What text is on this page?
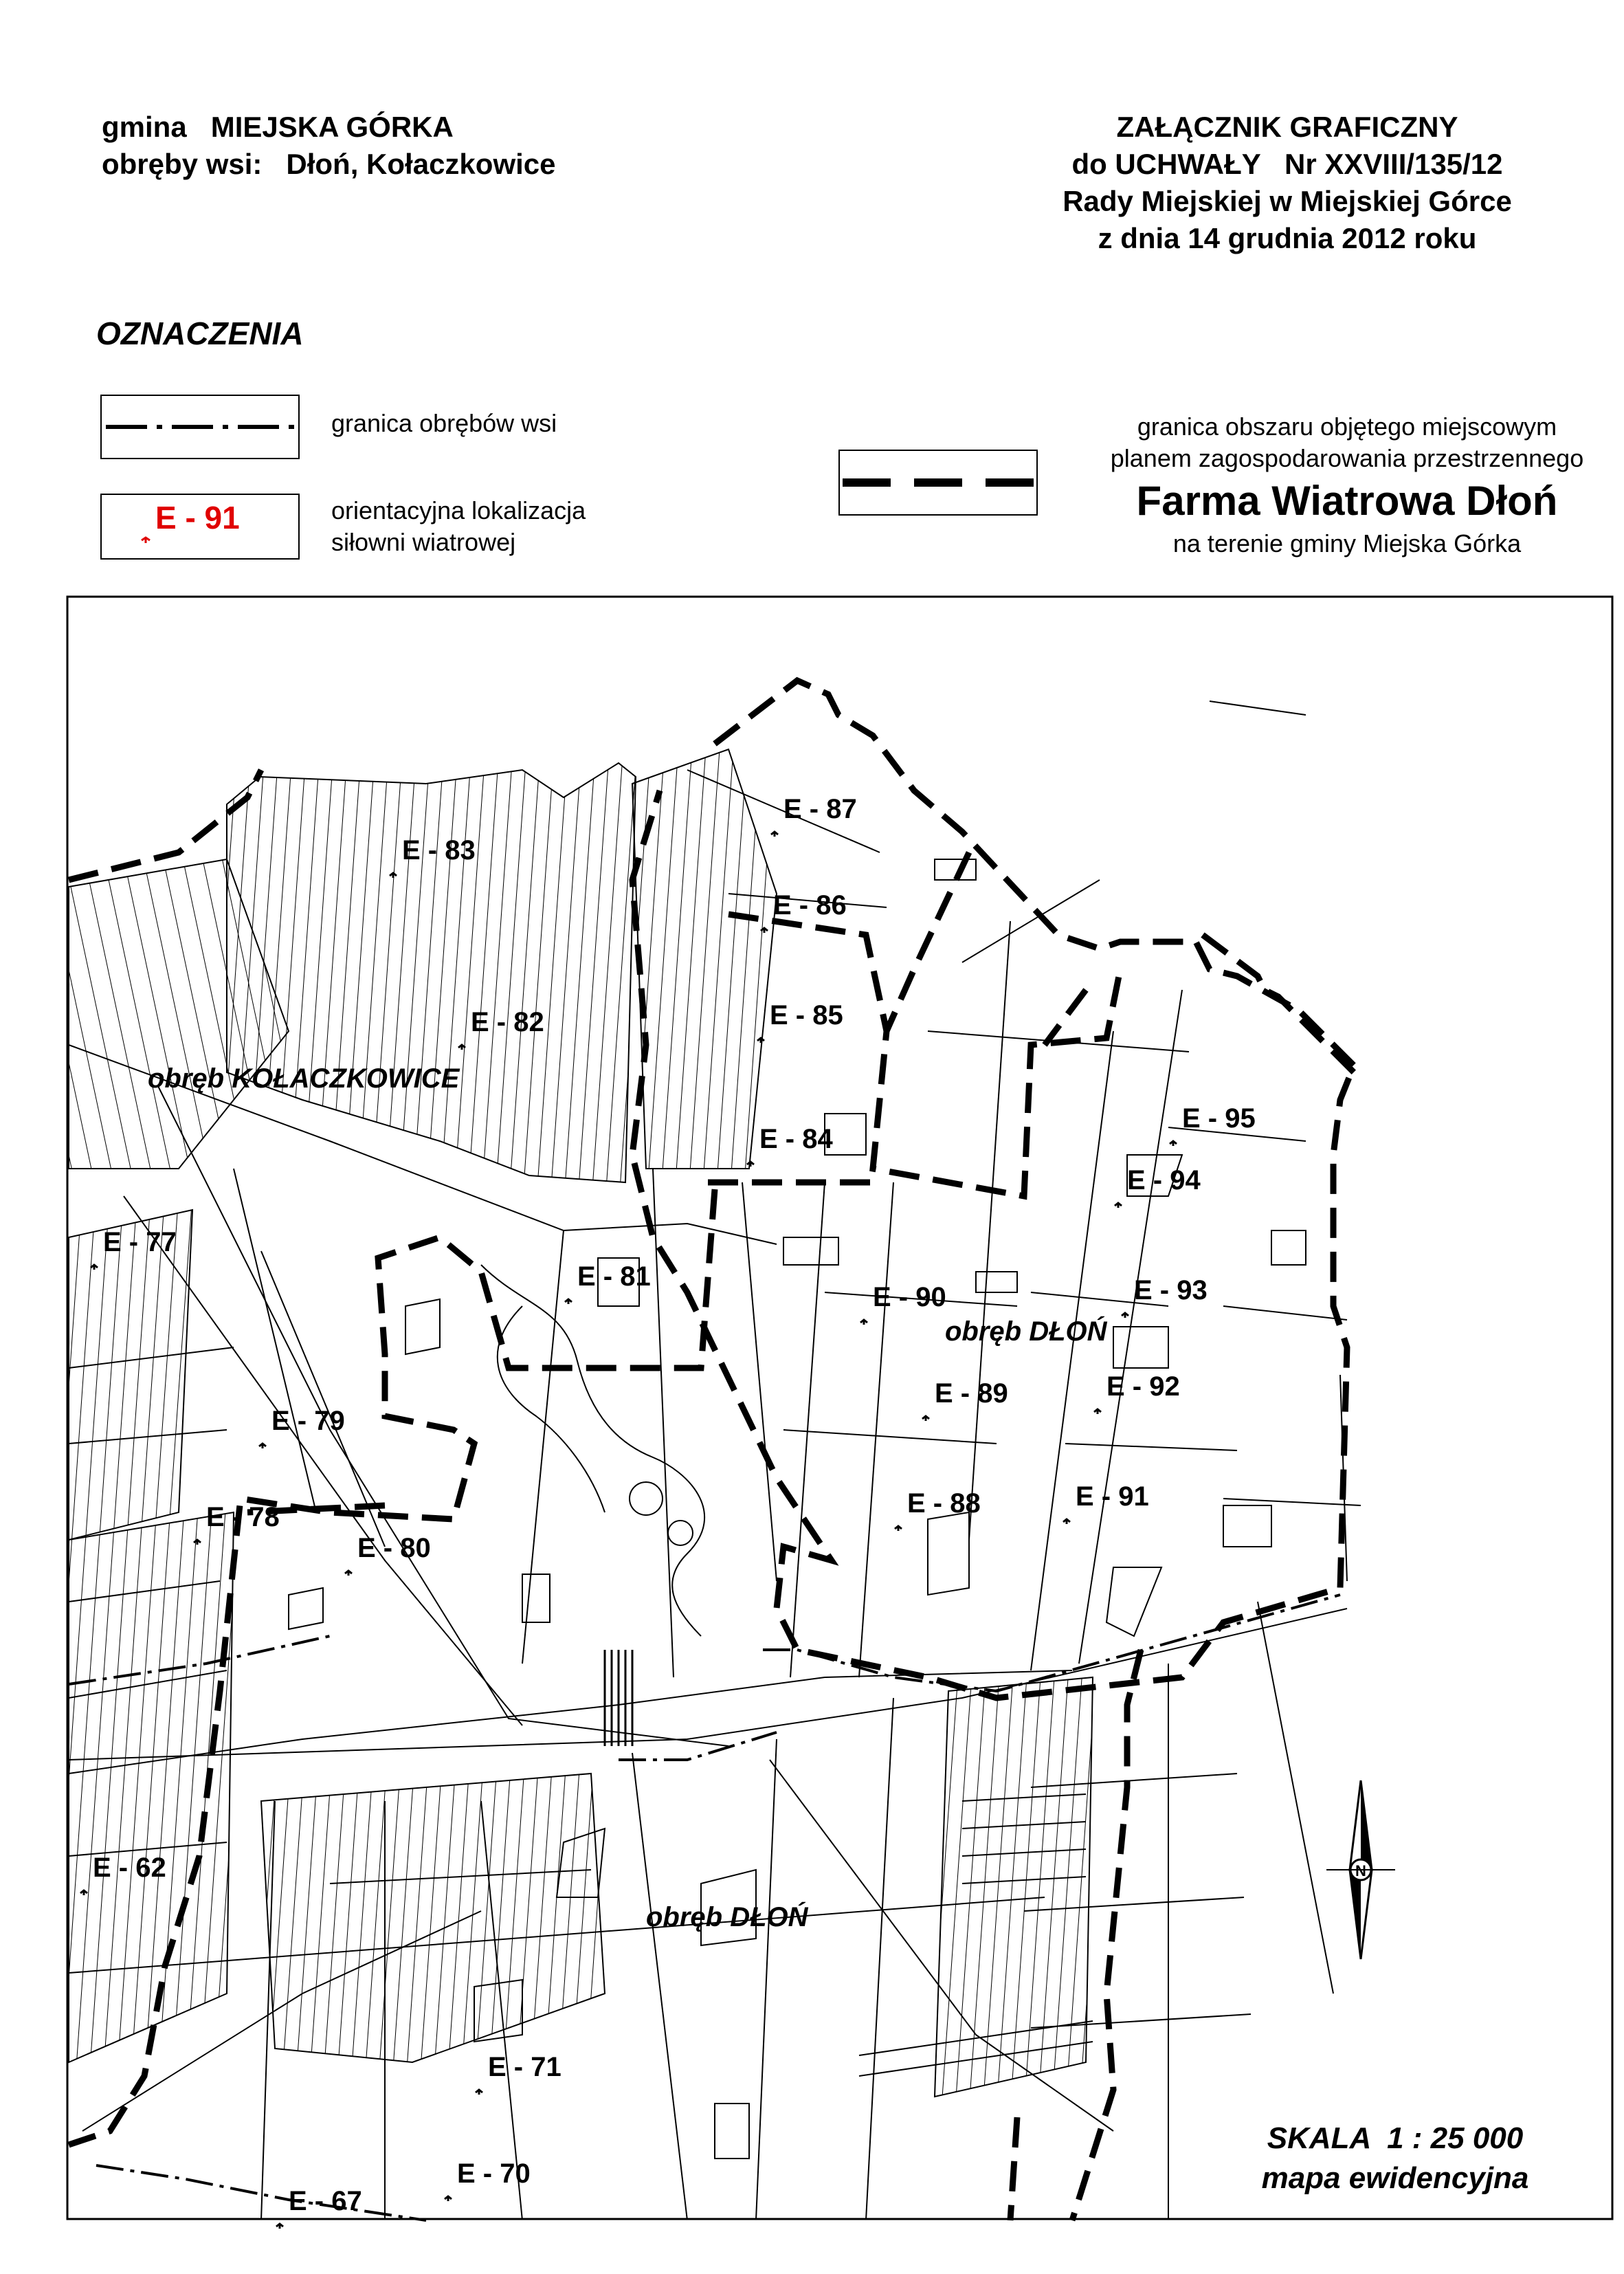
gmina MIEJSKA GÓRKA
obręby wsi: Dłoń, Kołaczkowice
ZAŁĄCZNIK GRAFICZNY
do UCHWAŁY   Nr XXVIII/135/12
Rady Miejskiej w Miejskiej Górce
z dnia 14 grudnia 2012 roku
OZNACZENIA
granica obrębów wsi
E - 91	orientacyjna lokalizacja
siłowni wiatrowej
granica obszaru objętego miejscowym
planem zagospodarowania przestrzennego
Farma Wiatrowa Dłoń
na terenie gminy Miejska Górka
E - 83
E - 82
E - 87
E - 86
E - 85
E - 84
E - 77
E - 81
E - 90
E - 95
E - 94
E - 93
E - 89	E - 92
E - 79
E - 88	E - 91
E - 78
E - 80
E - 62
E - 71
E - 70
E - 67
obręb KOŁACZKOWICE
obręb DŁOŃ
obręb DŁOŃ
N
SKALA  1 : 25 000
mapa ewidencyjna
